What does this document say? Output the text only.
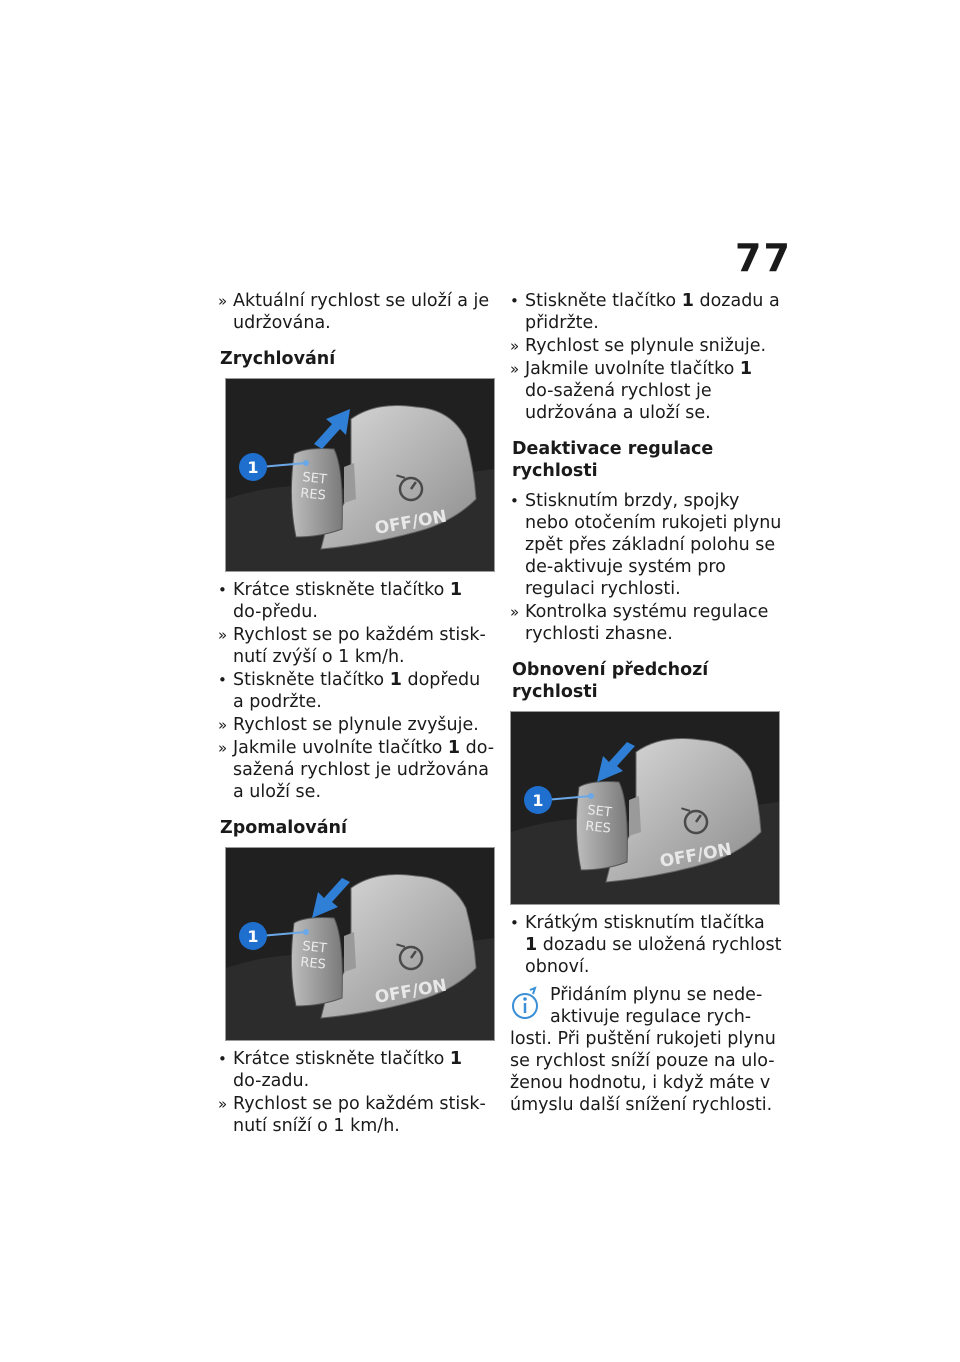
77
» Aktuální rychlost se uloží a je udržována.
Zrychlování
SET
RES
OFF/ON
1
• Krátce stiskněte tlačítko 1 do-předu.
» Rychlost se po každém stisk-nutí zvýší o 1 km/h.
• Stiskněte tlačítko 1 dopředu a podržte.
» Rychlost se plynule zvyšuje.
» Jakmile uvolníte tlačítko 1 do-sažená rychlost je udržována a uloží se.
Zpomalování
SET
RES
OFF/ON
1
• Krátce stiskněte tlačítko 1 do-zadu.
» Rychlost se po každém stisk-nutí sníží o 1 km/h.
• Stiskněte tlačítko 1 dozadu a přidržte.
» Rychlost se plynule snižuje.
» Jakmile uvolníte tlačítko 1 do-sažená rychlost je udržována a uloží se.
Deaktivace regulace rychlosti
• Stisknutím brzdy, spojky nebo otočením rukojeti plynu zpět přes základní polohu se de-aktivuje systém pro regulaci rychlosti.
» Kontrolka systému regulace rychlosti zhasne.
Obnovení předchozí rychlosti
SET
RES
OFF/ON
1
• Krátkým stisknutím tlačítka 1 dozadu se uložená rychlost obnoví.
Přidáním plynu se nede-aktivuje regulace rych-losti. Při puštění rukojeti plynu se rychlost sníží pouze na ulo-ženou hodnotu, i když máte v úmyslu další snížení rychlosti.
